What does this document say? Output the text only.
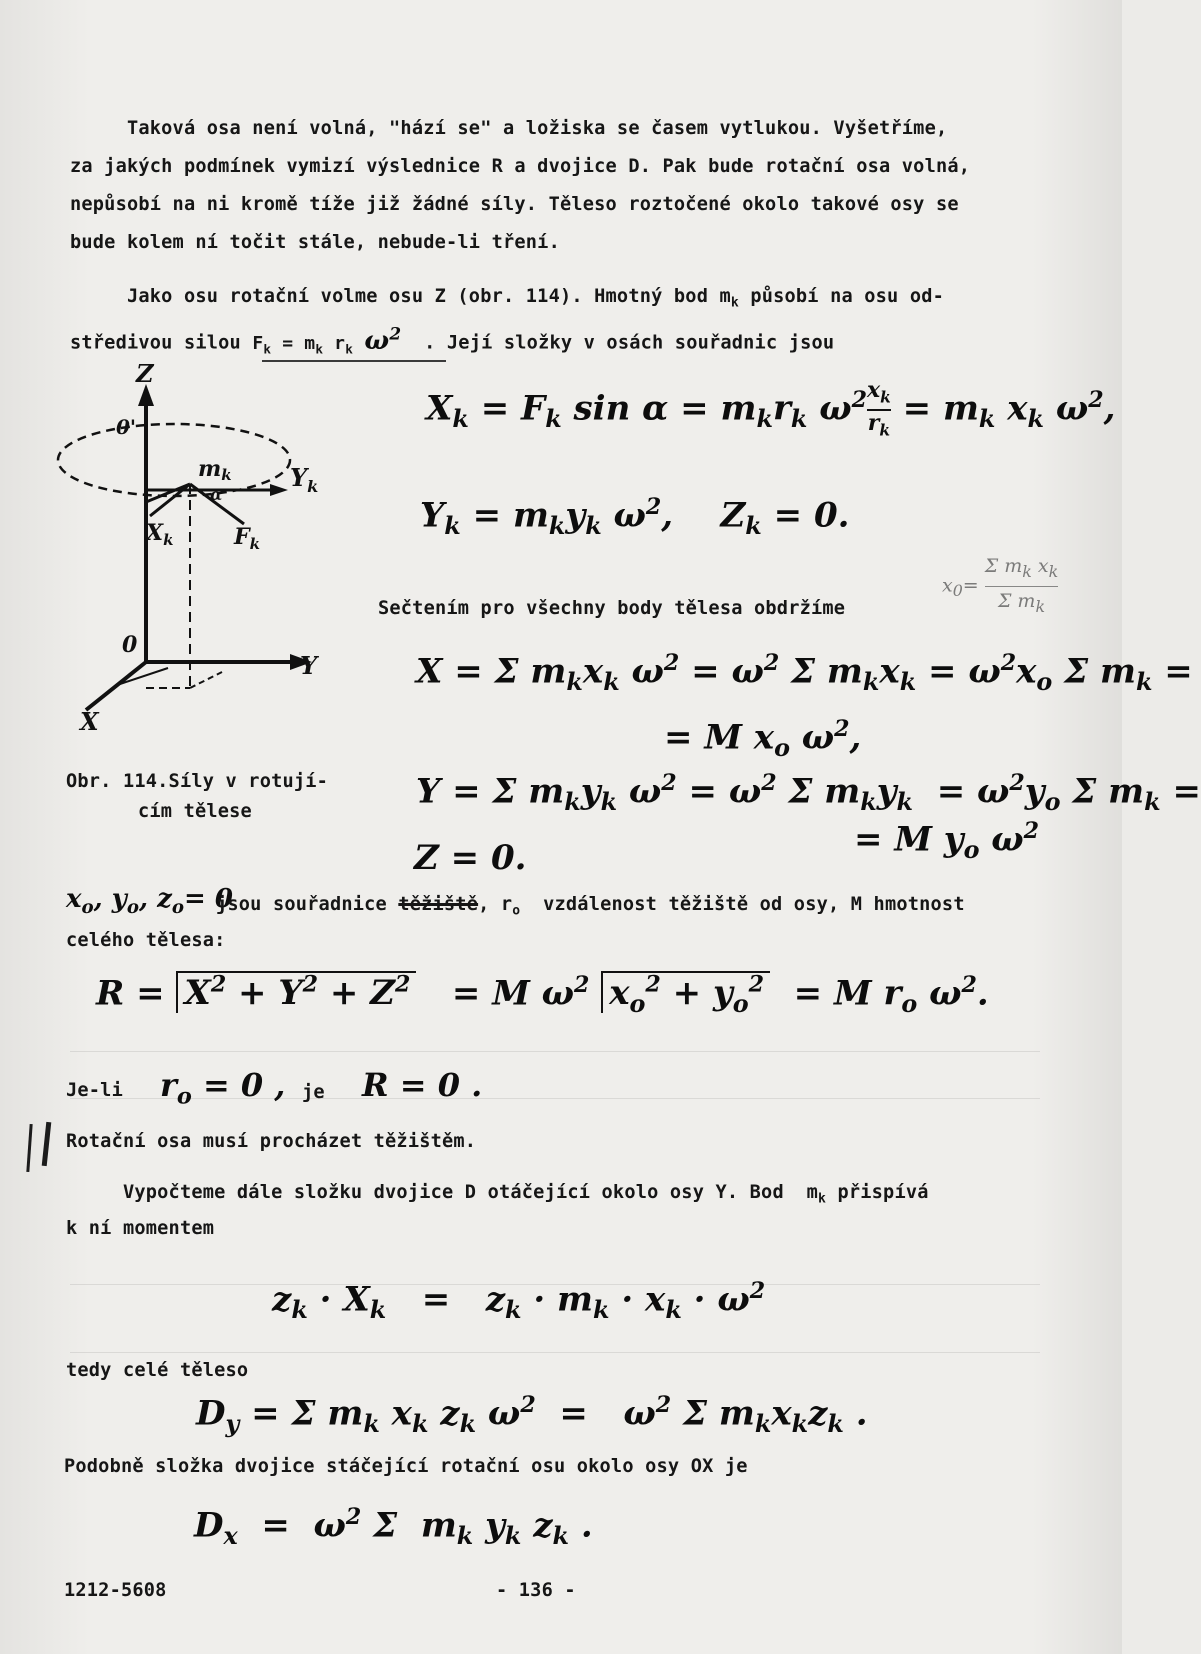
Taková osa není volná, "hází se" a ložiska se časem vytlukou. Vyšetříme,
za jakých podmínek vymizí výslednice R a dvojice D. Pak bude rotační osa volná,
nepůsobí na ni kromě tíže již žádné síly. Těleso roztočené okolo takové osy se
bude kolem ní točit stále, nebude-li tření.
Jako osu rotační volme osu Z (obr. 114). Hmotný bod $m_k$ působí na osu od-
středivou silou $F_k = m_k$ $r_k$ $\omega^2$ . Její složky v osách souřadnic jsou
Z
0'
mk
α
$Y_k$
$F_k$
$X_k$
0
Y
X
Obr. 114.Síly v rotují-
cím tělese
$X_k = F_k$ $\sin \alpha = m_kr_k$ $\omega^2 \frac{x_k}{r_k} = m_k$ $x_k$ $\omega^2$,
$Y_k = m_ky_k$ $\omega^2$,    $Z_k = 0$.
$x_0= \frac{\Sigma m_k x_k}{\Sigma m_k}$
Sečtením pro všechny body tělesa obdržíme
X = Σ $m_kx_k$ $\omega^2 = \omega^2$ Σ $m_kx_k = \omega^2x_o$ Σ $m_k$ =
= M $x_o$ $\omega^2$,
Y = Σ $m_ky_k$ $\omega^2 = \omega^2$ Σ $m_ky_k = \omega^2y_o$ Σ $m_k$ =
= M $y_o$ $\omega^2$
Z = 0.
$x_o$, $y_o$, $z_o= 0$
jsou souřadnice těžiště, $r_o$  vzdálenost těžiště od osy, M hmotnost
celého tělesa:
$R = X^2 + Y^2 + Z^2 = M$ $\omega^2$ $x_o^2 + y_o^2 = M$ $r_o$ $\omega^2$.
Je-li $r_o = 0$ , je R = 0 .
Rotační osa musí procházet těžištěm.
Vypočteme dále složku dvojice D otáčející okolo osy Y. Bod  $m_k$ přispívá
k ní momentem
$z_k \cdot X_k = z_k \cdot m_k \cdot x_k \cdot \omega^2$
tedy celé těleso
$D_y = \Sigma$ $m_k$ $x_k$ $z_k$ $\omega^2 = \omega^2$ Σ $m_kx_kz_k$ .
Podobně složka dvojice stáčející rotační osu okolo osy OX je
$D_x = \omega^2$ Σ  $m_k$ $y_k$ $z_k$ .
1212-5608	- 136 -
